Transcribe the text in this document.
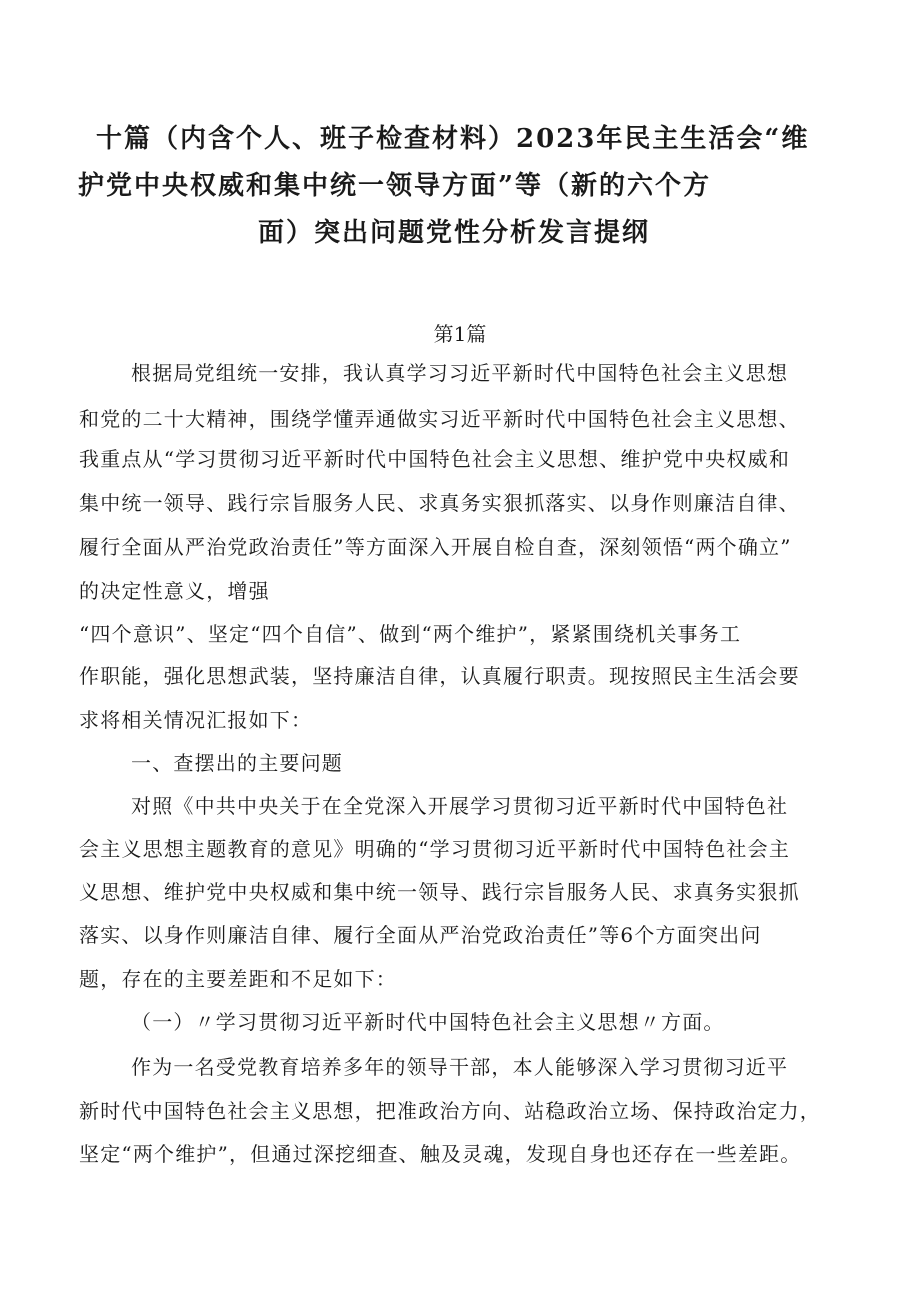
十篇（内含个人、班子检查材料）2023年民主生活会“维
护党中央权威和集中统一领导方面”等（新的六个方
面）突出问题党性分析发言提纲
第1篇
根据局党组统一安排，我认真学习习近平新时代中国特色社会主义思想
和党的二十大精神，围绕学懂弄通做实习近平新时代中国特色社会主义思想、
我重点从“学习贯彻习近平新时代中国特色社会主义思想、维护党中央权威和
集中统一领导、践行宗旨服务人民、求真务实狠抓落实、以身作则廉洁自律、
履行全面从严治党政治责任”等方面深入开展自检自查，深刻领悟“两个确立”
的决定性意义，增强
“四个意识”、坚定“四个自信”、做到“两个维护”，紧紧围绕机关事务工
作职能，强化思想武装，坚持廉洁自律，认真履行职责。现按照民主生活会要
求将相关情况汇报如下：
一、查摆出的主要问题
对照《中共中央关于在全党深入开展学习贯彻习近平新时代中国特色社
会主义思想主题教育的意见》明确的“学习贯彻习近平新时代中国特色社会主
义思想、维护党中央权威和集中统一领导、践行宗旨服务人民、求真务实狠抓
落实、以身作则廉洁自律、履行全面从严治党政治责任”等6个方面突出问
题，存在的主要差距和不足如下：
（一）〃学习贯彻习近平新时代中国特色社会主义思想〃方面。
作为一名受党教育培养多年的领导干部，本人能够深入学习贯彻习近平
新时代中国特色社会主义思想，把准政治方向、站稳政治立场、保持政治定力，
坚定“两个维护”，但通过深挖细查、触及灵魂，发现自身也还存在一些差距。
